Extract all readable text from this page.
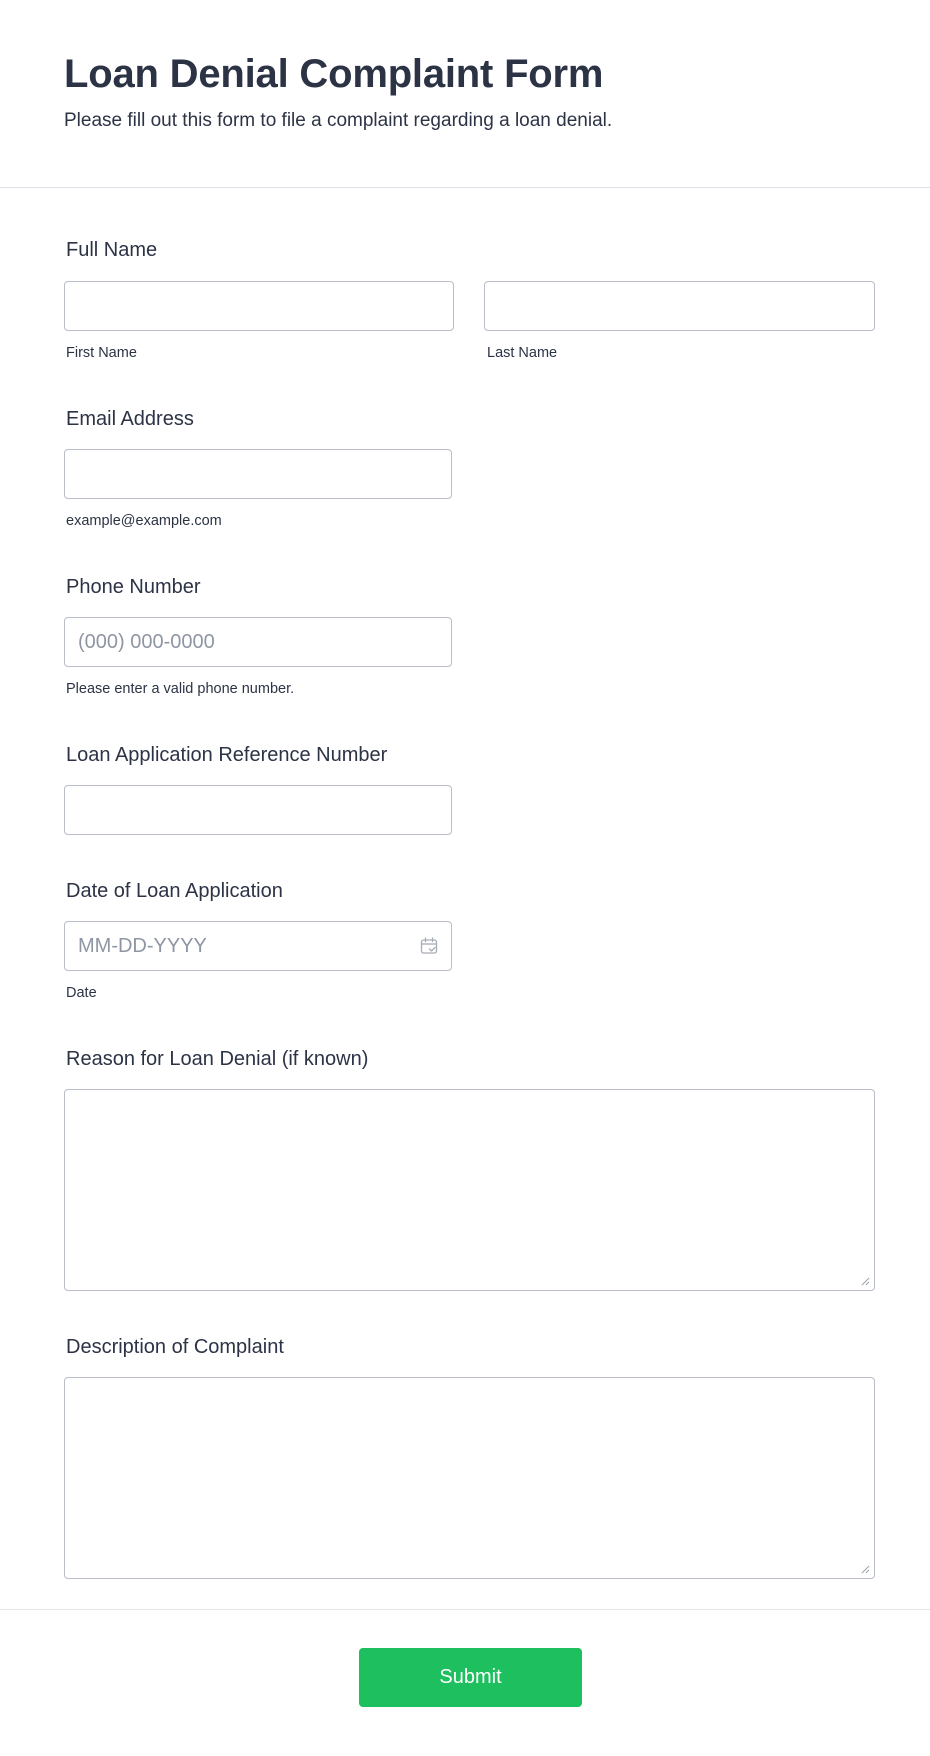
Loan Denial Complaint Form

Please fill out this form to file a complaint regarding a loan denial.

Full Name
First Name	Last Name
Email Address
example@example.com
Phone Number
(000) 000-0000
Please enter a valid phone number.
Loan Application Reference Number
Date of Loan Application
MM-DD-YYYY
Date
Reason for Loan Denial (if known)
Description of Complaint
Submit
